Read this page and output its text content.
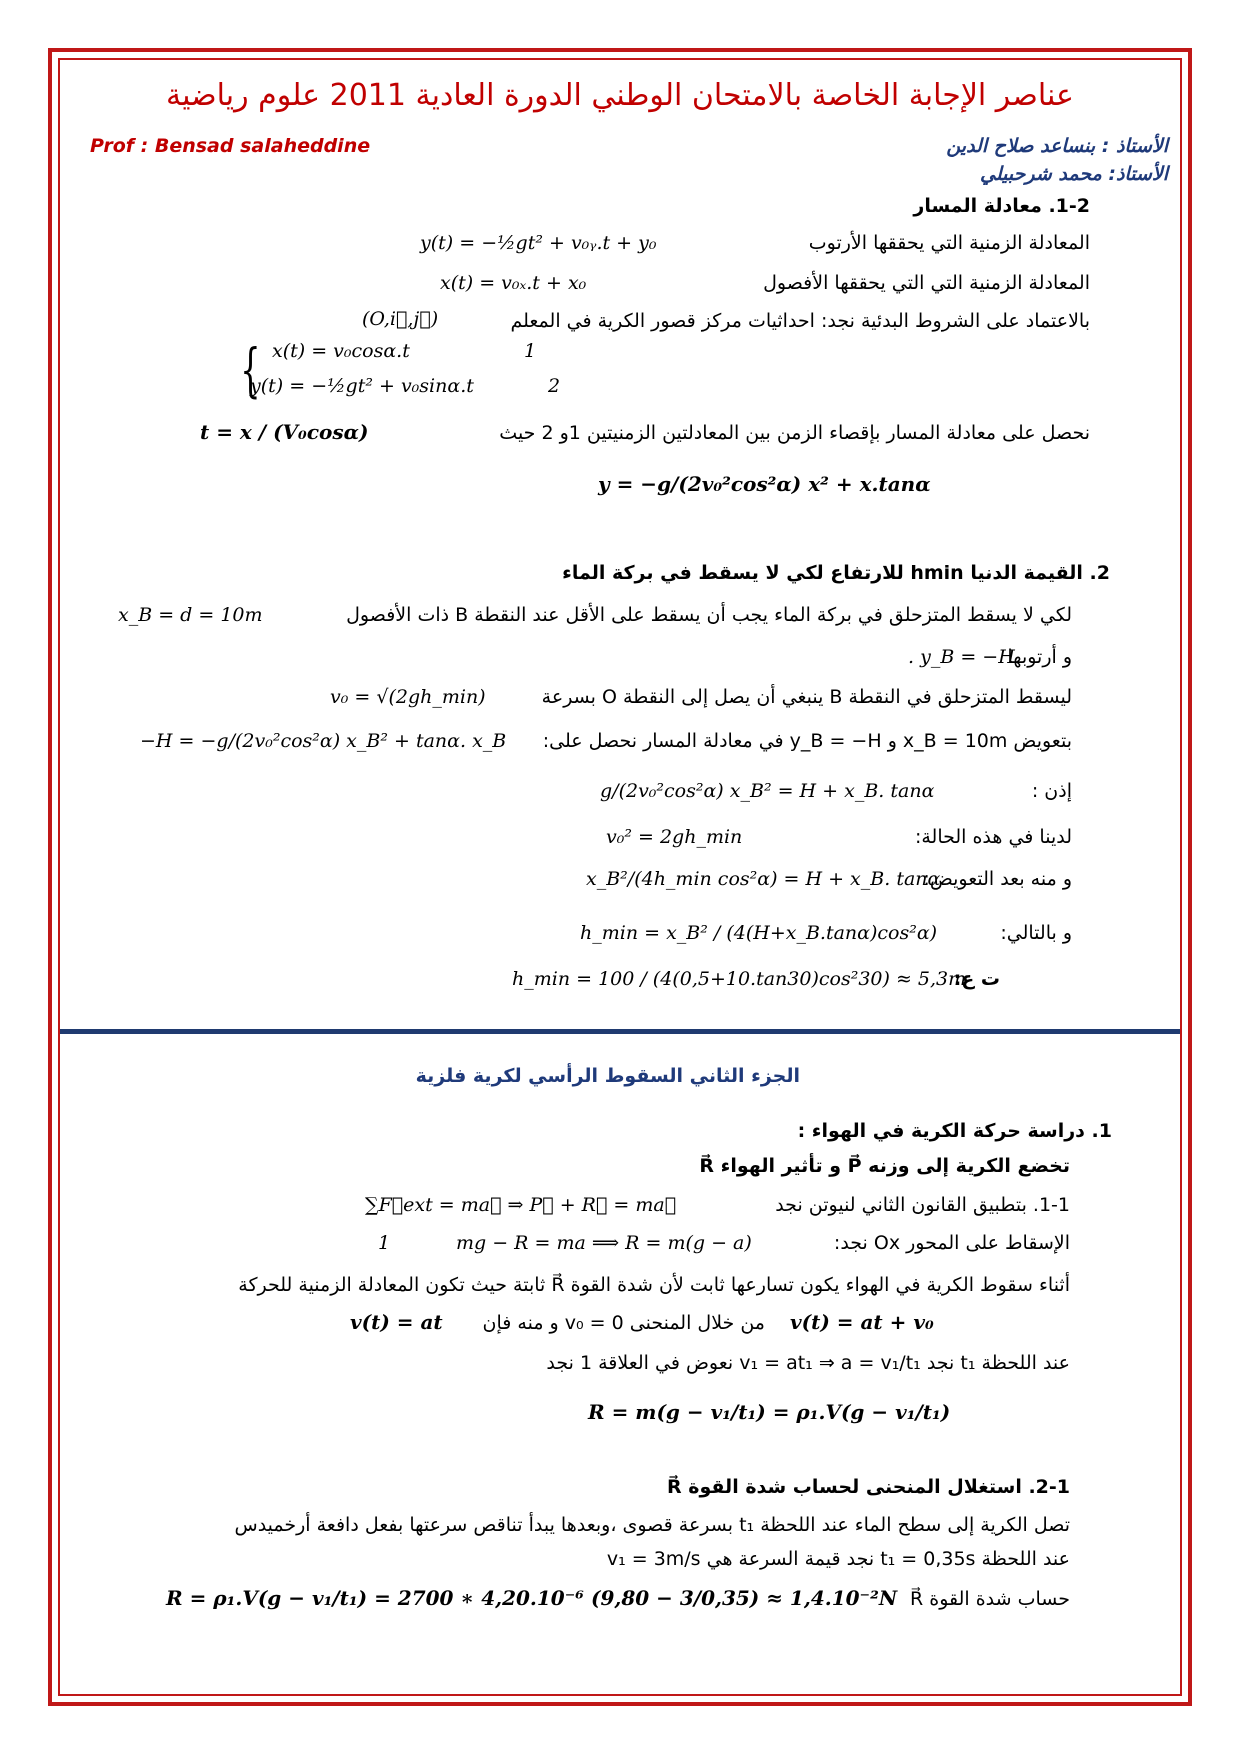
عناصر الإجابة الخاصة بالامتحان الوطني الدورة العادية 2011 علوم رياضية
Prof : Bensad salaheddine	الأستاذ : بنساعد صلاح الدين
الأستاذ: محمد شرحبيلي
1-2. معادلة المسار
المعادلة الزمنية التي يحققها الأرتوب
y(t) = −½gt² + v₀ᵧ.t + y₀
المعادلة الزمنية التي التي يحققها الأفصول
x(t) = v₀ₓ.t + x₀
بالاعتماد على الشروط البدئية نجد: احداثيات مركز قصور الكرية في المعلم
(O,i⃗,j⃗)
{ x(t) = v₀cosα.t	1
y(t) = −½gt² + v₀sinα.t	2
نحصل على معادلة المسار بإقصاء الزمن بين المعادلتين الزمنيتين 1و 2 حيث
t = x / (V₀cosα)
y = −g/(2v₀²cos²α) x² + x.tanα
2. القيمة الدنيا hmin للارتفاع لكي لا يسقط في بركة الماء
لكي لا يسقط المتزحلق في بركة الماء يجب أن يسقط على الأقل عند النقطة B ذات الأفصول
x_B = d = 10m
و أرتوبها
. y_B = −H
ليسقط المتزحلق في النقطة B ينبغي أن يصل إلى النقطة O بسرعة
v₀ = √(2gh_min)
بتعويض x_B = 10m و y_B = −H في معادلة المسار نحصل على:
−H = −g/(2v₀²cos²α) x_B² + tanα. x_B
إذن :
g/(2v₀²cos²α) x_B² = H + x_B. tanα
لدينا في هذه الحالة:
v₀² = 2gh_min
و منه بعد التعويض:
x_B²/(4h_min cos²α) = H + x_B. tanα
و بالتالي:
h_min = x_B² / (4(H+x_B.tanα)cos²α)
ت ع:
h_min = 100 / (4(0,5+10.tan30)cos²30) ≈ 5,3m
الجزء الثاني السقوط الرأسي لكرية فلزية
1. دراسة حركة الكرية في الهواء :
تخضع الكرية إلى وزنه P⃗ و تأثير الهواء R⃗
1-1. بتطبيق القانون الثاني لنيوتن نجد
∑F⃗ext = ma⃗ ⇒ P⃗ + R⃗ = ma⃗
الإسقاط على المحور Ox نجد:
mg − R = ma ⟹ R = m(g − a)
1
أثناء سقوط الكرية في الهواء يكون تسارعها ثابت لأن شدة القوة R⃗ ثابتة حيث تكون المعادلة الزمنية للحركة
v(t) = at + v₀
من خلال المنحنى v₀ = 0 و منه فإن
v(t) = at
عند اللحظة t₁ نجد v₁ = at₁ ⇒ a = v₁/t₁ نعوض في العلاقة 1 نجد
R = m(g − v₁/t₁) = ρ₁.V(g − v₁/t₁)
2-1. استغلال المنحنى لحساب شدة القوة R⃗
تصل الكرية إلى سطح الماء عند اللحظة t₁ بسرعة قصوى ،وبعدها يبدأ تناقص سرعتها بفعل دافعة أرخميدس
عند اللحظة t₁ = 0,35s نجد قيمة السرعة هي v₁ = 3m/s
حساب شدة القوة R⃗
R = ρ₁.V(g − v₁/t₁) = 2700 ∗ 4,20.10⁻⁶ (9,80 − 3/0,35) ≈ 1,4.10⁻²N
